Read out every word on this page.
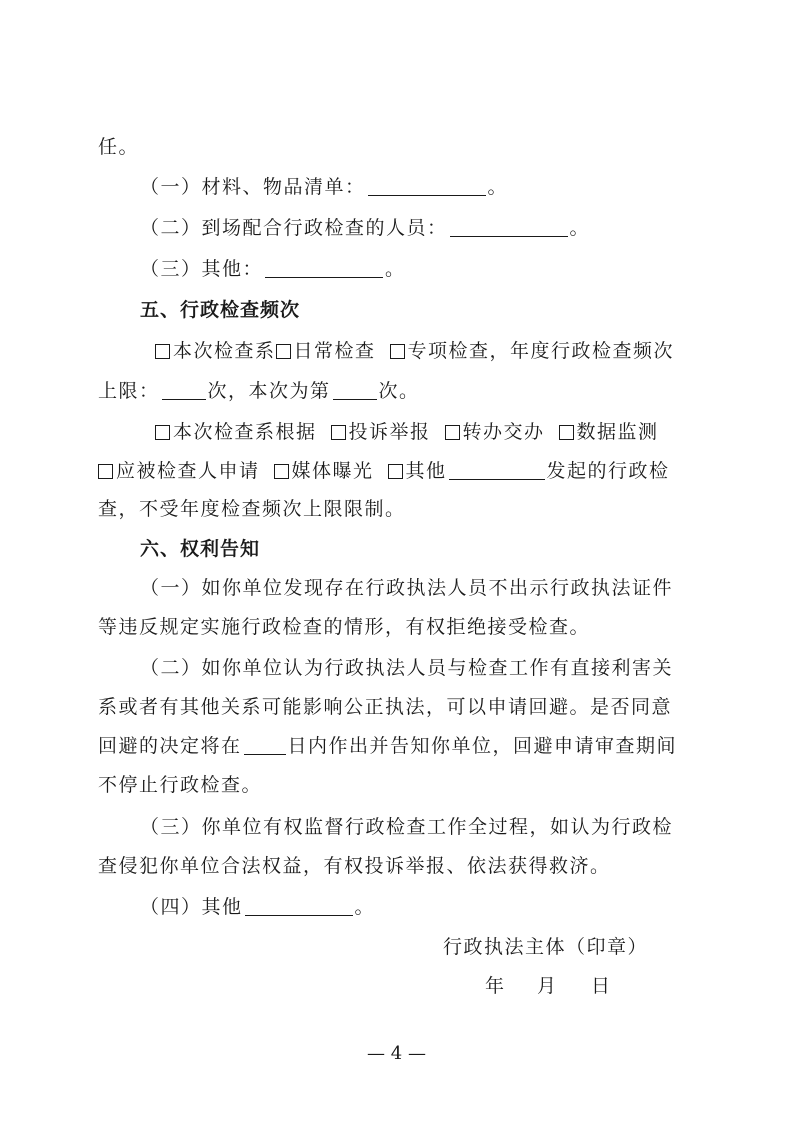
任。
（一）材料、物品清单：	。
（二）到场配合行政检查的人员：	。
（三）其他：	。
五、行政检查频次
本次检查系 日常检查 专项检查，年度行政检查频次
上限：	次，本次为第	次。
本次检查系根据 投诉举报 转办交办 数据监测
应被检查人申请 媒体曝光 其他	发起的行政检
查，不受年度检查频次上限限制。
六、权利告知
（一）如你单位发现存在行政执法人员不出示行政执法证件
等违反规定实施行政检查的情形，有权拒绝接受检查。
（二）如你单位认为行政执法人员与检查工作有直接利害关
系或者有其他关系可能影响公正执法，可以申请回避。是否同意
回避的决定将在 日内作出并告知你单位，回避申请审查期间
不停止行政检查。
（三）你单位有权监督行政检查工作全过程，如认为行政检
查侵犯你单位合法权益，有权投诉举报、依法获得救济。
（四）其他	。
行政执法主体（印章）
年 月 日
— 4 —
